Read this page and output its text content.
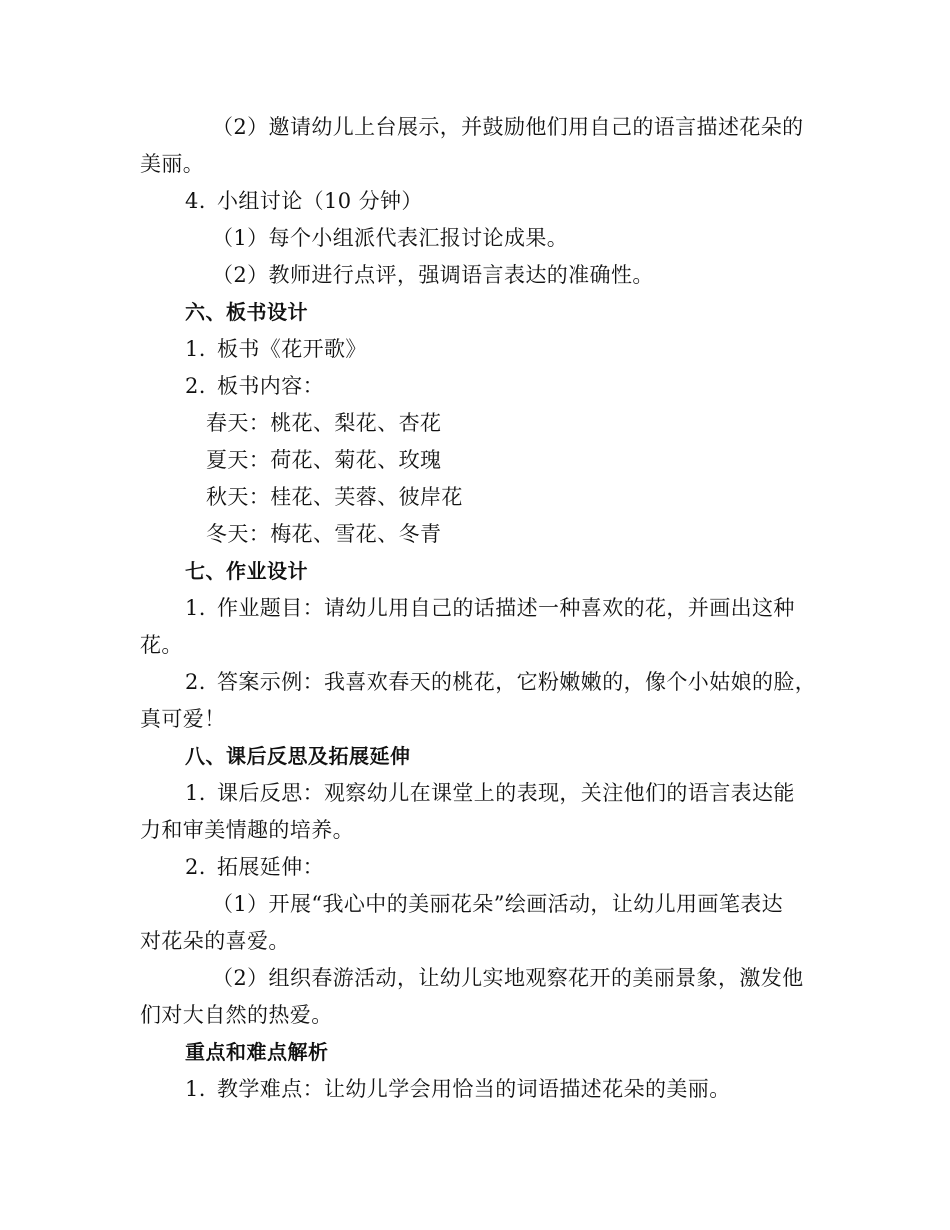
（2）邀请幼儿上台展示，并鼓励他们用自己的语言描述花朵的
美丽。
4. 小组讨论（10 分钟）
（1）每个小组派代表汇报讨论成果。
（2）教师进行点评，强调语言表达的准确性。
六、板书设计
1. 板书《花开歌》
2. 板书内容：
春天：桃花、梨花、杏花
夏天：荷花、菊花、玫瑰
秋天：桂花、芙蓉、彼岸花
冬天：梅花、雪花、冬青
七、作业设计
1. 作业题目：请幼儿用自己的话描述一种喜欢的花，并画出这种
花。
2. 答案示例：我喜欢春天的桃花，它粉嫩嫩的，像个小姑娘的脸，
真可爱！
八、课后反思及拓展延伸
1. 课后反思：观察幼儿在课堂上的表现，关注他们的语言表达能
力和审美情趣的培养。
2. 拓展延伸：
（1）开展“我心中的美丽花朵”绘画活动，让幼儿用画笔表达
对花朵的喜爱。
（2）组织春游活动，让幼儿实地观察花开的美丽景象，激发他
们对大自然的热爱。
重点和难点解析
1. 教学难点：让幼儿学会用恰当的词语描述花朵的美丽。
